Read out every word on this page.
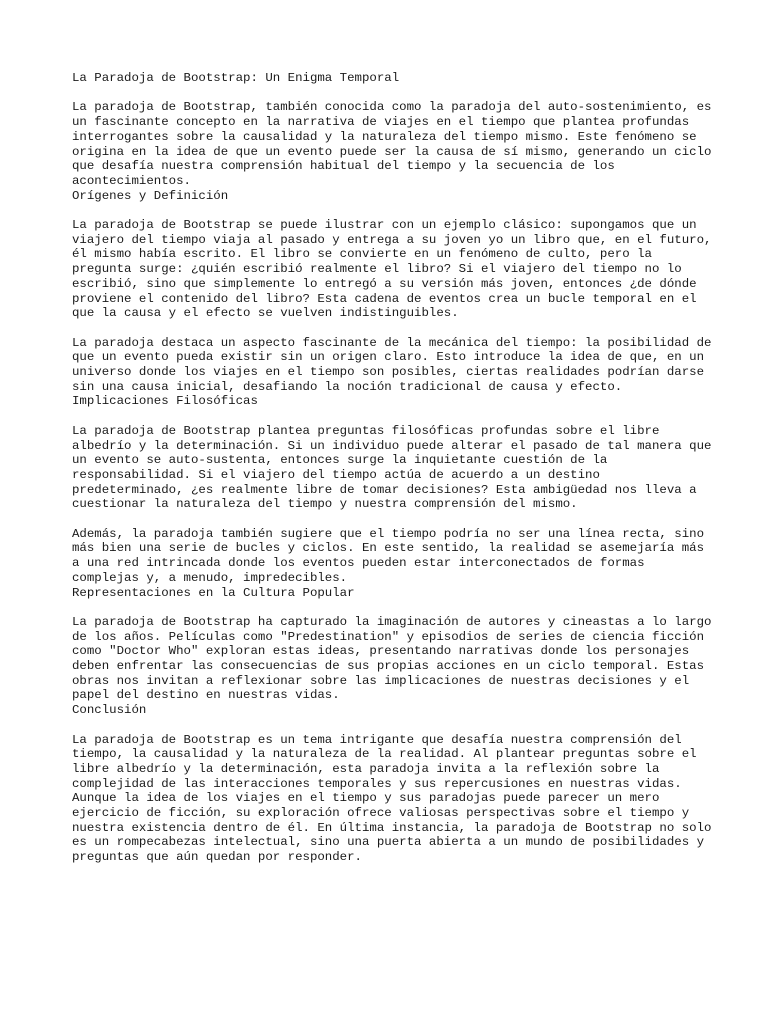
La Paradoja de Bootstrap: Un Enigma Temporal
La paradoja de Bootstrap, también conocida como la paradoja del auto-sostenimiento, es un fascinante concepto en la narrativa de viajes en el tiempo que plantea profundas interrogantes sobre la causalidad y la naturaleza del tiempo mismo. Este fenómeno se origina en la idea de que un evento puede ser la causa de sí mismo, generando un ciclo que desafía nuestra comprensión habitual del tiempo y la secuencia de los acontecimientos.
Orígenes y Definición
La paradoja de Bootstrap se puede ilustrar con un ejemplo clásico: supongamos que un viajero del tiempo viaja al pasado y entrega a su joven yo un libro que, en el futuro, él mismo había escrito. El libro se convierte en un fenómeno de culto, pero la pregunta surge: ¿quién escribió realmente el libro? Si el viajero del tiempo no lo escribió, sino que simplemente lo entregó a su versión más joven, entonces ¿de dónde proviene el contenido del libro? Esta cadena de eventos crea un bucle temporal en el que la causa y el efecto se vuelven indistinguibles.
La paradoja destaca un aspecto fascinante de la mecánica del tiempo: la posibilidad de que un evento pueda existir sin un origen claro. Esto introduce la idea de que, en un universo donde los viajes en el tiempo son posibles, ciertas realidades podrían darse sin una causa inicial, desafiando la noción tradicional de causa y efecto.
Implicaciones Filosóficas
La paradoja de Bootstrap plantea preguntas filosóficas profundas sobre el libre albedrío y la determinación. Si un individuo puede alterar el pasado de tal manera que un evento se auto-sustenta, entonces surge la inquietante cuestión de la responsabilidad. Si el viajero del tiempo actúa de acuerdo a un destino predeterminado, ¿es realmente libre de tomar decisiones? Esta ambigüedad nos lleva a cuestionar la naturaleza del tiempo y nuestra comprensión del mismo.
Además, la paradoja también sugiere que el tiempo podría no ser una línea recta, sino más bien una serie de bucles y ciclos. En este sentido, la realidad se asemejaría más a una red intrincada donde los eventos pueden estar interconectados de formas complejas y, a menudo, impredecibles.
Representaciones en la Cultura Popular
La paradoja de Bootstrap ha capturado la imaginación de autores y cineastas a lo largo de los años. Películas como "Predestination" y episodios de series de ciencia ficción como "Doctor Who" exploran estas ideas, presentando narrativas donde los personajes deben enfrentar las consecuencias de sus propias acciones en un ciclo temporal. Estas obras nos invitan a reflexionar sobre las implicaciones de nuestras decisiones y el papel del destino en nuestras vidas.
Conclusión
La paradoja de Bootstrap es un tema intrigante que desafía nuestra comprensión del tiempo, la causalidad y la naturaleza de la realidad. Al plantear preguntas sobre el libre albedrío y la determinación, esta paradoja invita a la reflexión sobre la complejidad de las interacciones temporales y sus repercusiones en nuestras vidas. Aunque la idea de los viajes en el tiempo y sus paradojas puede parecer un mero ejercicio de ficción, su exploración ofrece valiosas perspectivas sobre el tiempo y nuestra existencia dentro de él. En última instancia, la paradoja de Bootstrap no solo es un rompecabezas intelectual, sino una puerta abierta a un mundo de posibilidades y preguntas que aún quedan por responder.
